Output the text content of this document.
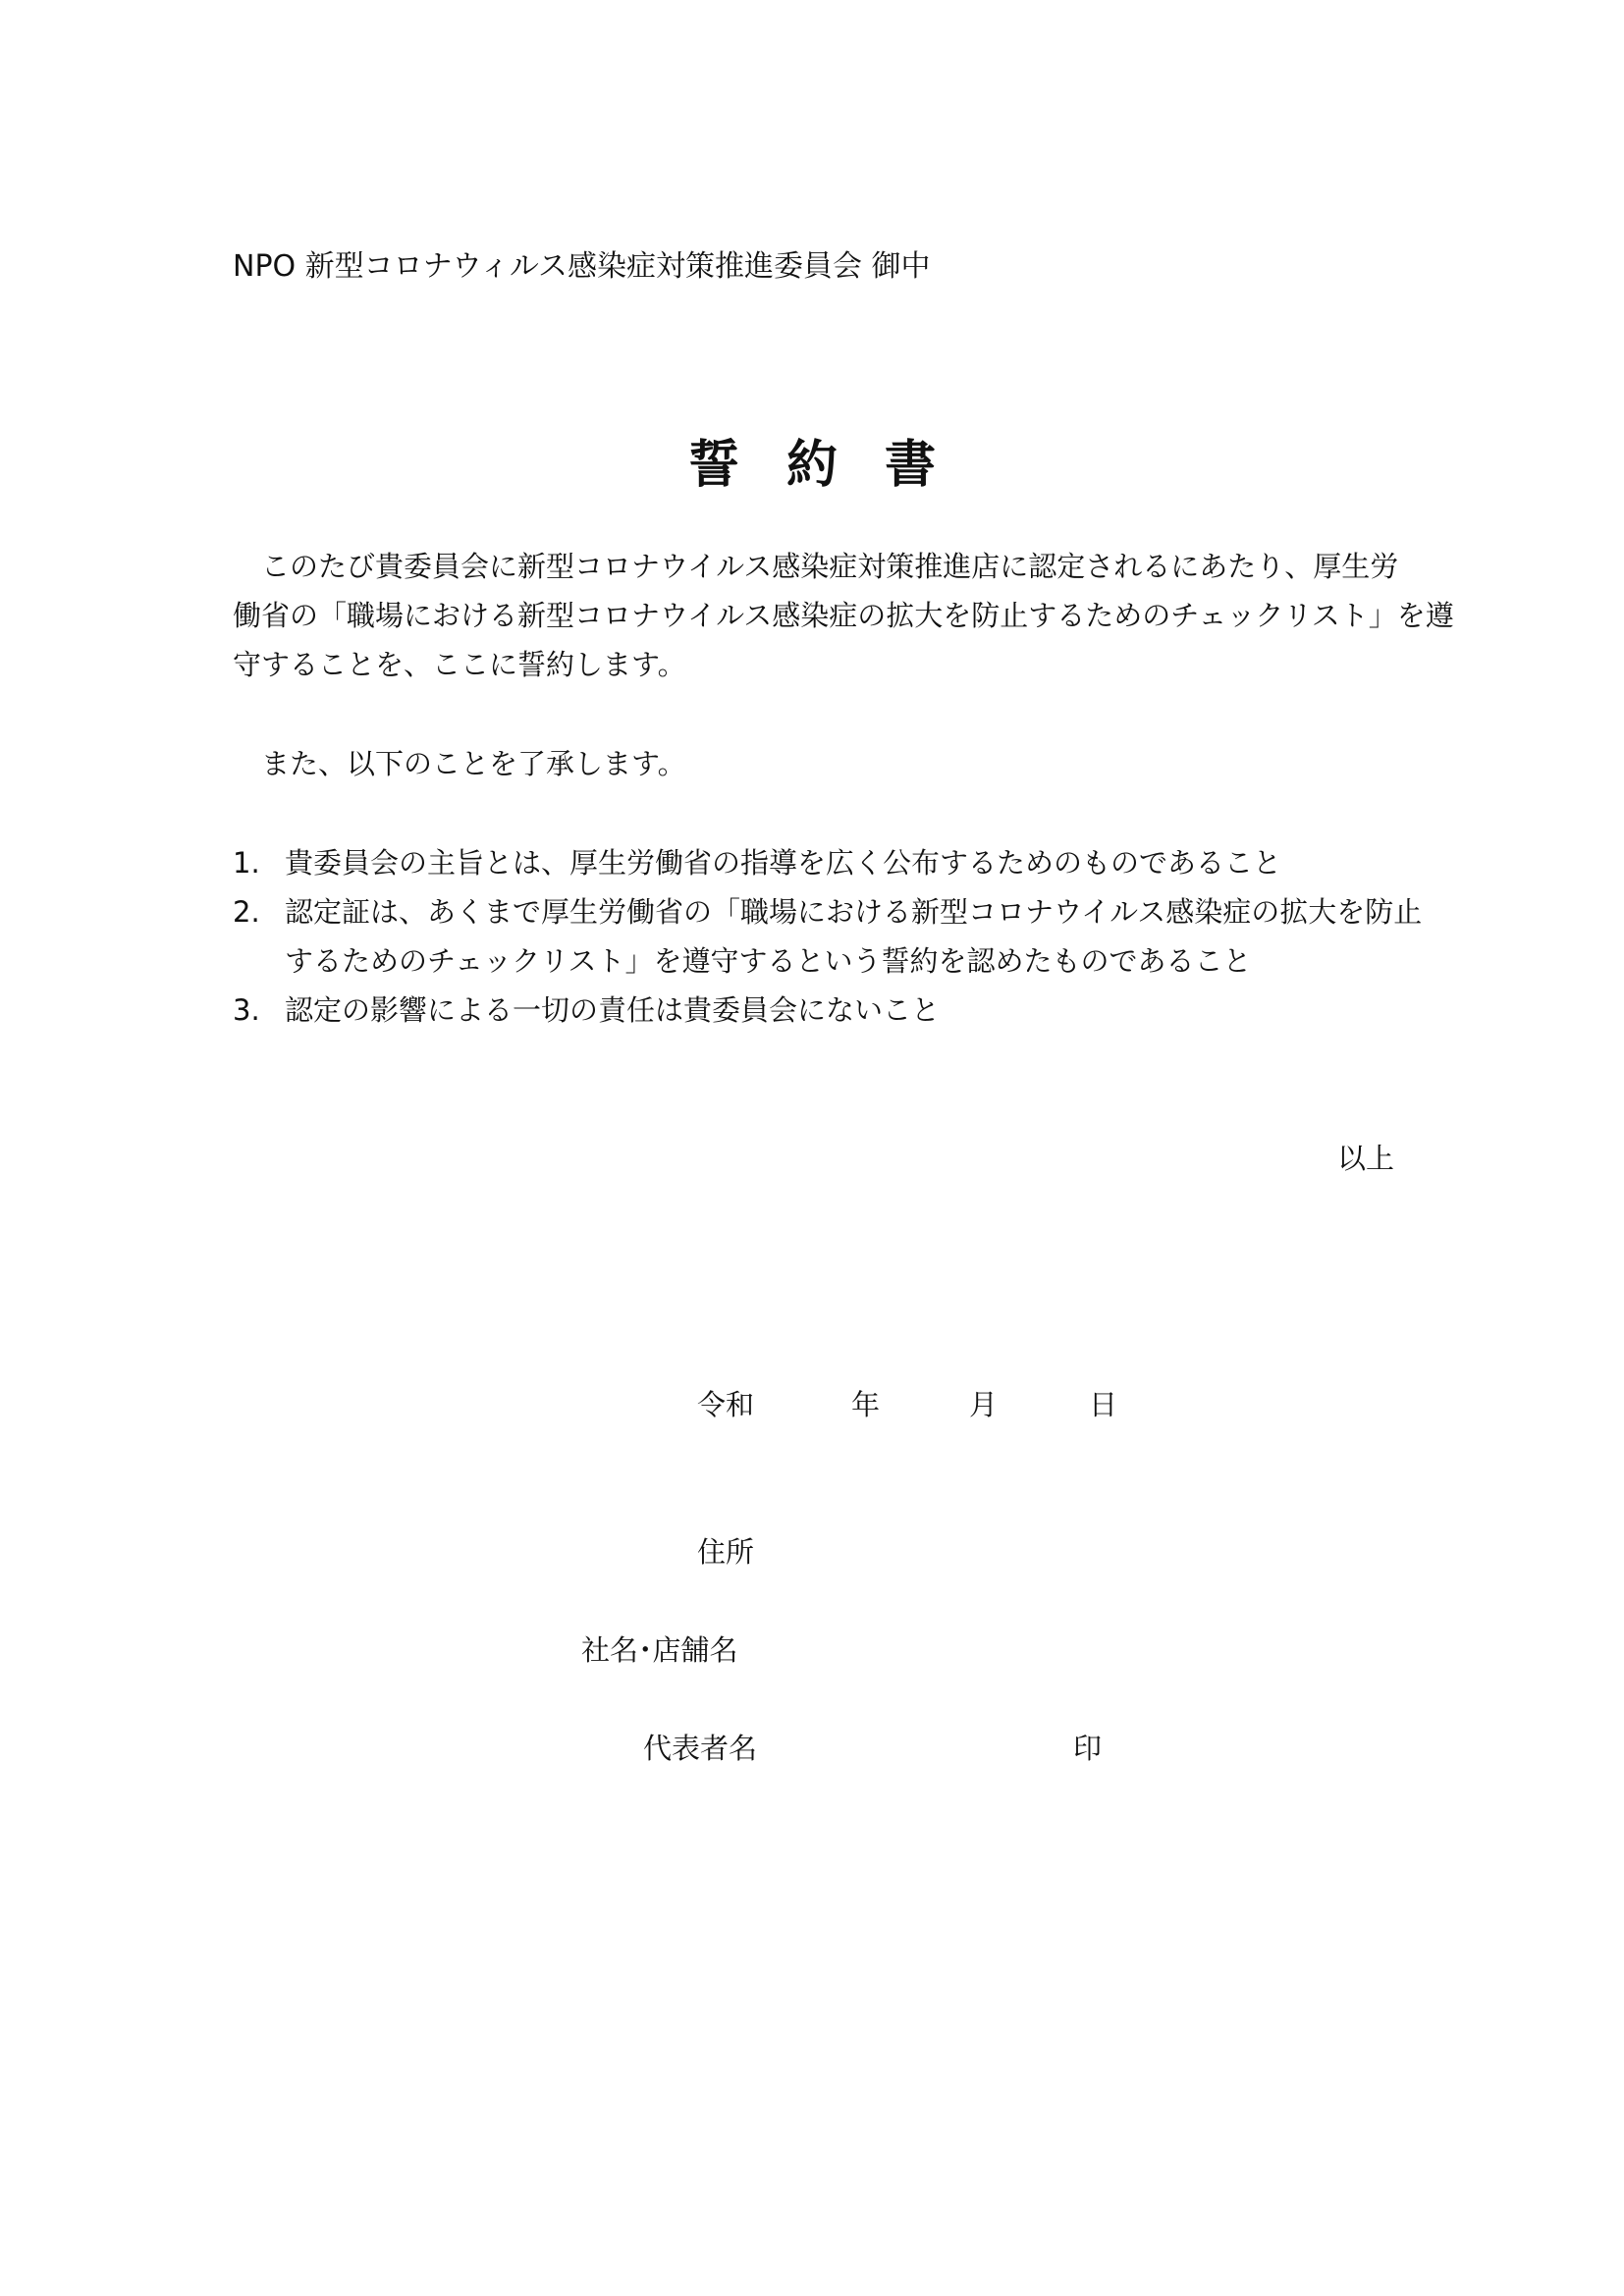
NPO 新型コロナウィルス感染症対策推進委員会 御中

誓 約 書

　このたび貴委員会に新型コロナウイルス感染症対策推進店に認定されるにあたり、厚生労

働省の「職場における新型コロナウイルス感染症の拡大を防止するためのチェックリスト」を遵

守することを、ここに誓約します。

　また、以下のことを了承します。

1. 貴委員会の主旨とは、厚生労働省の指導を広く公布するためのものであること
2. 認定証は、あくまで厚生労働省の「職場における新型コロナウイルス感染症の拡大を防止
するためのチェックリスト」を遵守するという誓約を認めたものであること
3. 認定の影響による一切の責任は貴委員会にないこと

以上

令和	年	月	日
住所
社名･店舗名
代表者名	印
